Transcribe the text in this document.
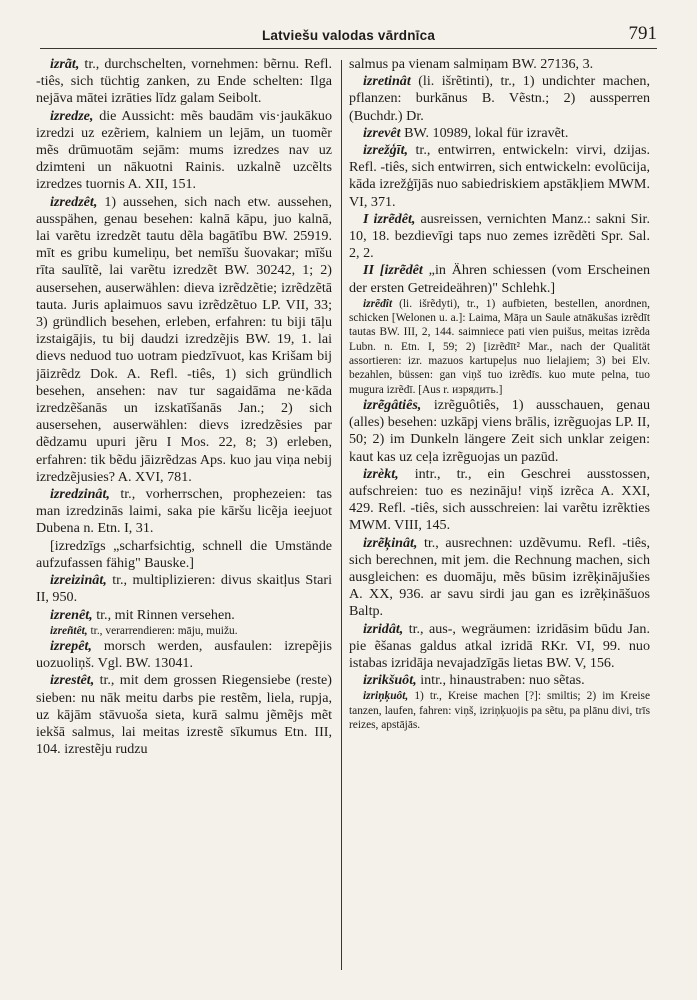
Latviešu valodas vārdnīca	791

izrãt, tr., durchschelten, vornehmen: bẽrnu. Refl. -tiês, sich tüchtig zanken, zu Ende schelten: Ilga nejāva mātei izrāties līdz galam Seibolt.

izredze, die Aussicht: mẽs baudām vis·jaukākuo izredzi uz ezẽriem, kalniem un lejām, un tuomẽr mẽs drūmuotām sejām: mums izredzes nav uz dzimteni un nākuotni Rainis. uzkalnẽ uzcẽlts izredzes tuornis A. XII, 151.

izredzêt, 1) aussehen, sich nach etw. aussehen, ausspähen, genau besehen: kalnā kāpu, juo kalnā, lai varẽtu izredzẽt tautu dẽla bagātību BW. 25919. mīt es gribu kumeliņu, bet nemīšu šuovakar; mīšu rīta saulītẽ, lai varẽtu izredzẽt BW. 30242, 1; 2) ausersehen, auserwählen: dieva izrẽdzẽtie; izrẽdzẽtā tauta. Juris aplaimuos savu izrẽdzẽtuo LP. VII, 33; 3) gründlich besehen, erleben, erfahren: tu biji tāļu izstaigājis, tu bij daudzi izredzẽjis BW. 19, 1. lai dievs neduod tuo uotram piedzīvuot, kas Krišam bij jāizrẽdz Dok. A. Refl. -tiês, 1) sich gründlich besehen, ansehen: nav tur sagaidāma ne·kāda izredzẽšanās un izskatīšanās Jan.; 2) sich ausersehen, auserwählen: dievs izredzẽsies par dẽdzamu upuri jẽru I Mos. 22, 8; 3) erleben, erfahren: tik bẽdu jāizrẽdzas Aps. kuo jau viņa nebij izredzẽjusies? A. XVI, 781.

izredzinât, tr., vorherrschen, prophezeien: tas man izredzinās laimi, saka pie kāršu licẽja ieejuot Dubena n. Etn. I, 31.

[izredzīgs „scharfsichtig, schnell die Umstände aufzufassen fähig" Bauske.]

izreizinât, tr., multiplizieren: divus skaitļus Stari II, 950.

izrenêt, tr., mit Rinnen versehen.

izreñtêt, tr., verarrendieren: māju, muižu.

izrepêt, morsch werden, ausfaulen: izrepẽjis uozuoliņš. Vgl. BW. 13041.

izrestêt, tr., mit dem grossen Riegensiebe (reste) sieben: nu nāk meitu darbs pie restẽm, liela, rupja, uz kājām stāvuoša sieta, kurā salmu jẽmẽjs mẽt iekšā salmus, lai meitas izrestẽ sīkumus Etn. III, 104. izrestẽju rudzu

salmus pa vienam salmiņam BW. 27136, 3.

izretinât (li. išrẽtinti), tr., 1) undichter machen, pflanzen: burkānus B. Vẽstn.; 2) aussperren (Buchdr.) Dr.

izrevêt BW. 10989, lokal für izravẽt.

izrežģīt, tr., entwirren, entwickeln: virvi, dzijas. Refl. -tiês, sich entwirren, sich entwickeln: evolūcija, kāda izrežģījās nuo sabiedriskiem apstākļiem MWM. VI, 371.

I izrẽdêt, ausreissen, vernichten Manz.: sakni Sir. 10, 18. bezdievīgi taps nuo zemes izrẽdẽti Spr. Sal. 2, 2.

II [izrẽdêt „in Ähren schiessen (vom Erscheinen der ersten Getreideähren)" Schlehk.]

izrẽdît (li. išrẽdyti), tr., 1) aufbieten, bestellen, anordnen, schicken [Welonen u. a.]: Laima, Māŗa un Saule atnākušas izrẽdīt tautas BW. III, 2, 144. saimniece pati vien puišus, meitas izrẽda Lubn. n. Etn. I, 59; 2) [izrẽdīt² Mar., nach der Qualität assortieren: izr. mazuos kartupeļus nuo lielajiem; 3) bei Elv. bezahlen, büssen: gan viņš tuo izrẽdīs. kuo mute pelna, tuo mugura izrẽdī. [Aus r. изрядить.]

izrẽgâtiês, izrẽguôtiês, 1) ausschauen, genau (alles) besehen: uzkāpj viens brālis, izrẽguojas LP. II, 50; 2) im Dunkeln längere Zeit sich unklar zeigen: kaut kas uz ceļa izrẽguojas un pazūd.

izrèkt, intr., tr., ein Geschrei ausstossen, aufschreien: tuo es nezināju! viņš izrẽca A. XXI, 429. Refl. -tiês, sich ausschreien: lai varẽtu izrẽkties MWM. VIII, 145.

izrẽķinât, tr., ausrechnen: uzdẽvumu. Refl. -tiês, sich berechnen, mit jem. die Rechnung machen, sich ausgleichen: es duomāju, mẽs būsim izrẽķinājušies A. XX, 936. ar savu sirdi jau gan es izrẽķināšuos Baltp.

izridât, tr., aus-, wegräumen: izridāsim būdu Jan. pie ẽšanas galdus atkal izridā RKr. VI, 99. nuo istabas izridāja nevajadzīgās lietas BW. V, 156.

izrikšuôt, intr., hinaustraben: nuo sẽtas.

izriņķuôt, 1) tr., Kreise machen [?]: smiltis; 2) im Kreise tanzen, laufen, fahren: viņš, izriņķuojis pa sẽtu, pa plānu divi, trīs reizes, apstājās.
